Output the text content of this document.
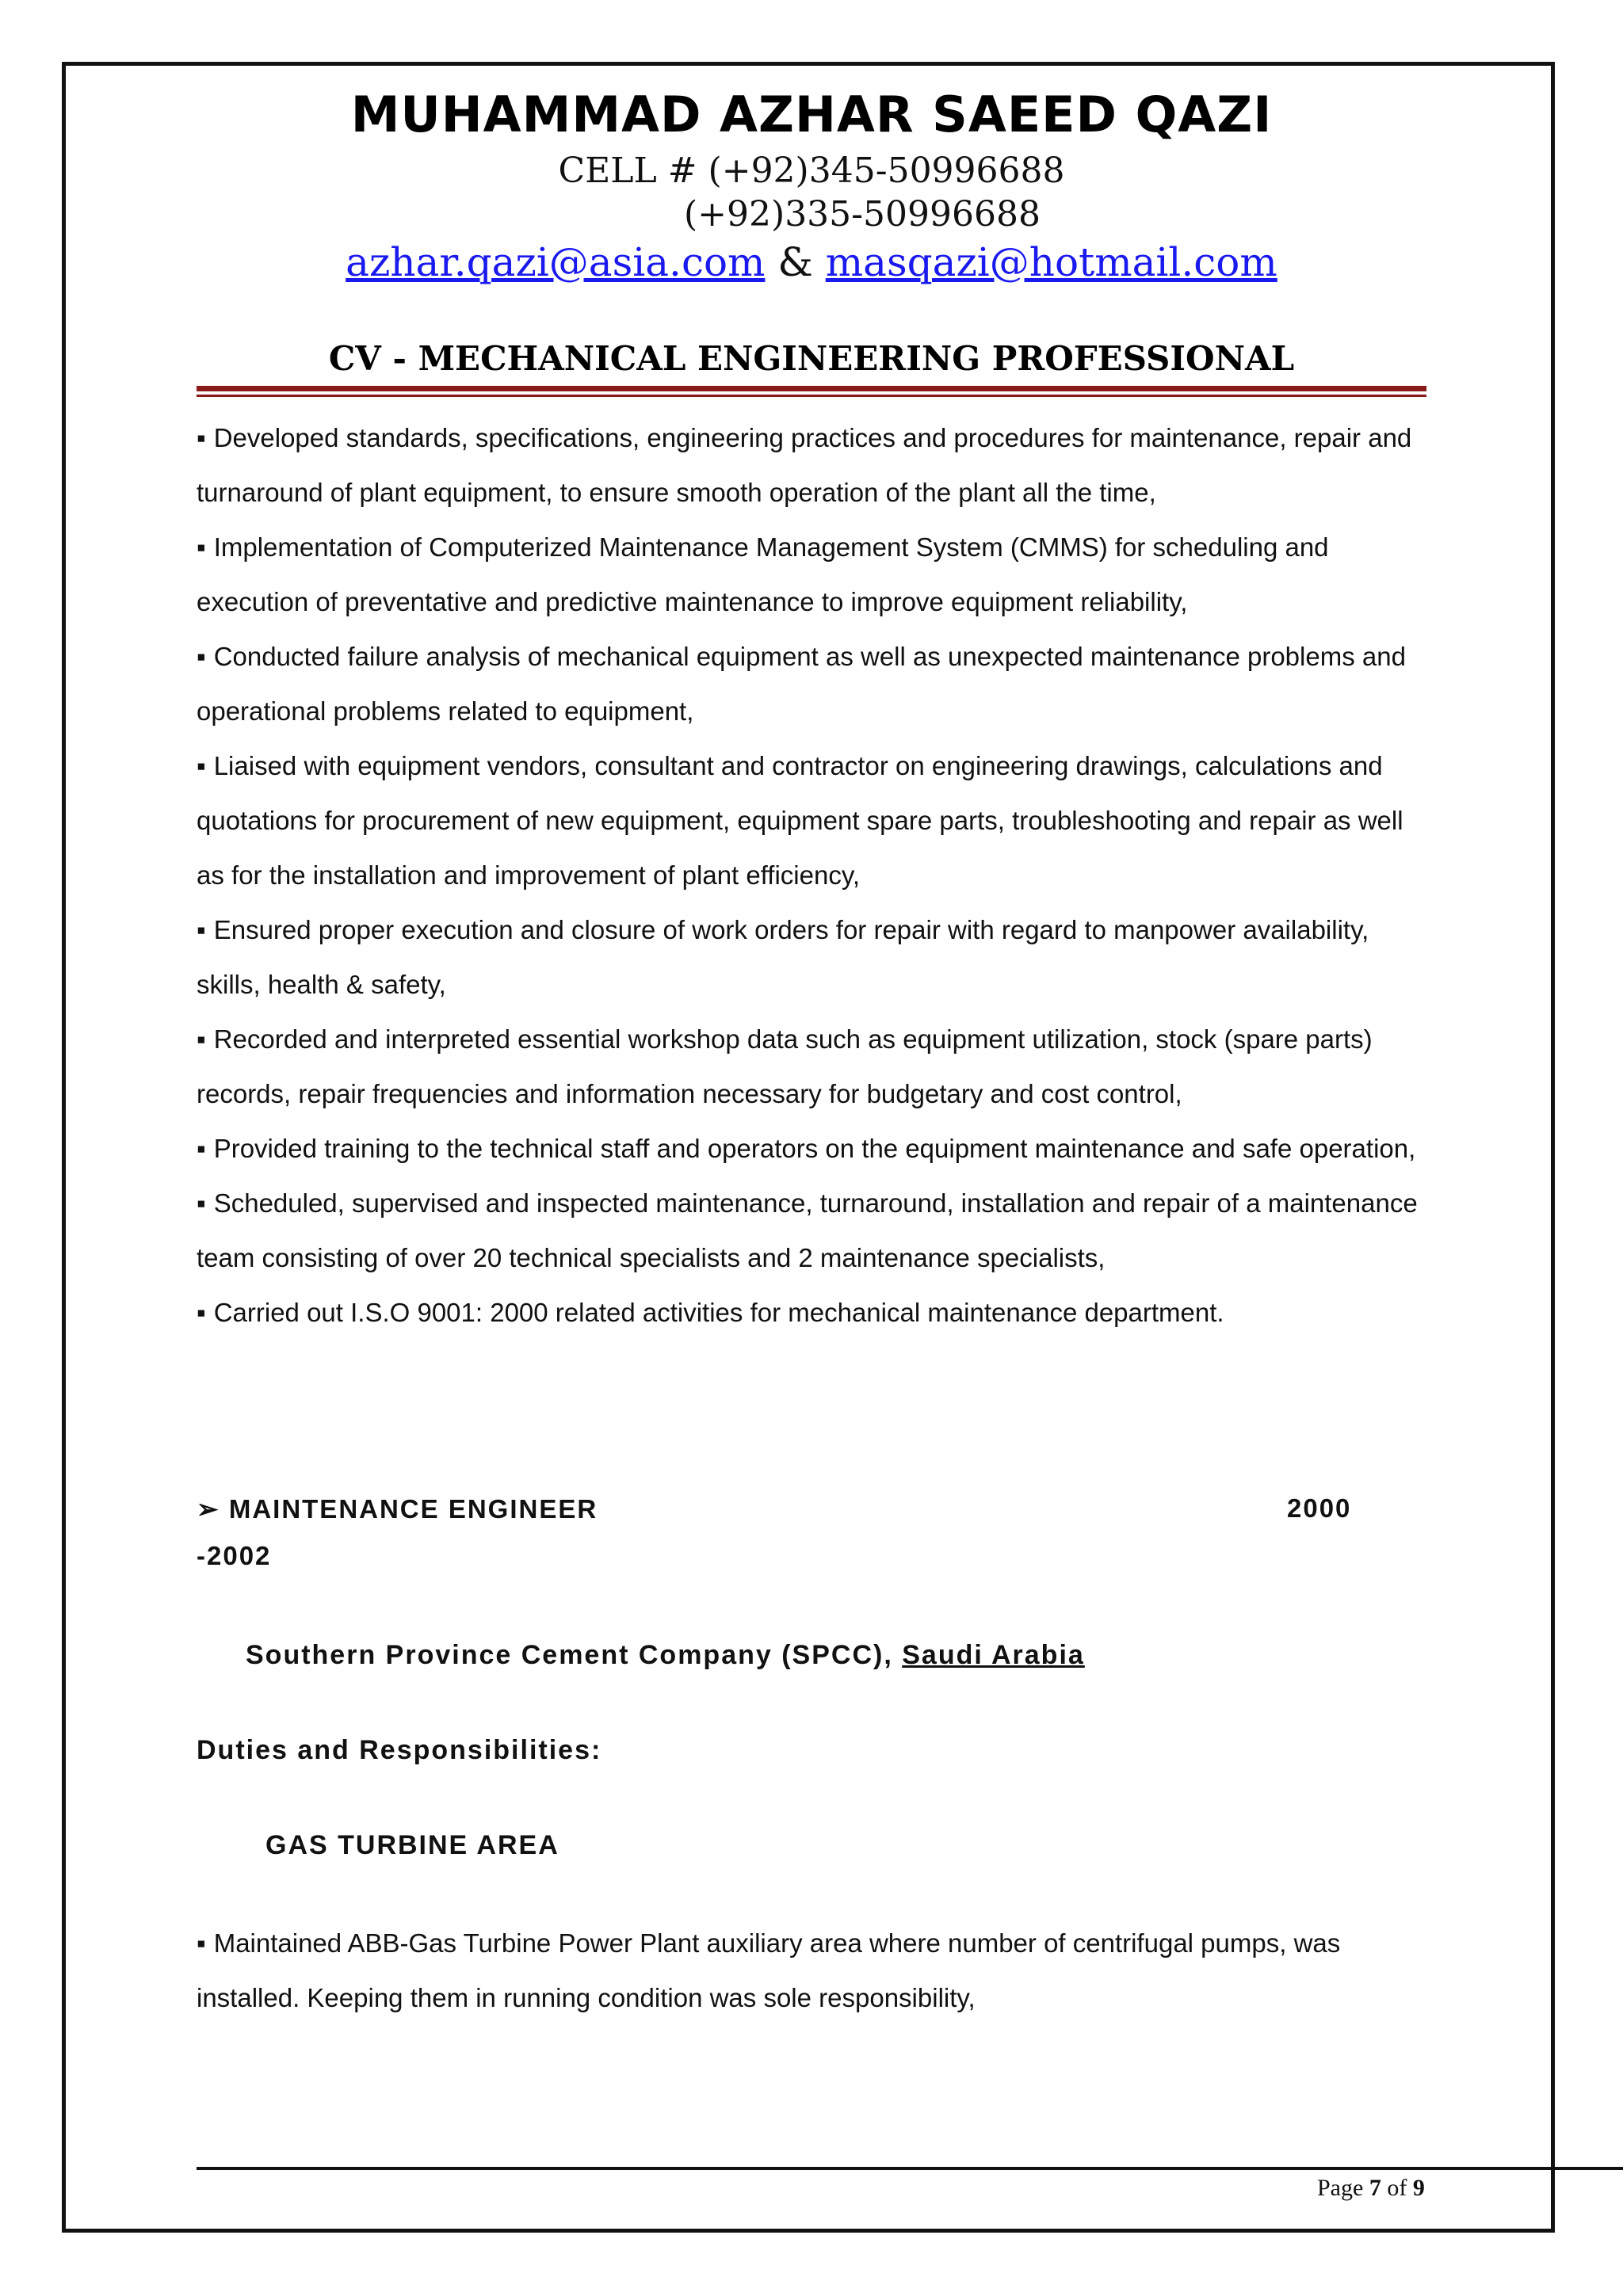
MUHAMMAD AZHAR SAEED QAZI
CELL # (+92)345-50996688
(+92)335-50996688
azhar.qazi@asia.com & masqazi@hotmail.com
CV - MECHANICAL ENGINEERING PROFESSIONAL

▪ Developed standards, specifications, engineering practices and procedures for maintenance, repair and turnaround of plant equipment, to ensure smooth operation of the plant all the time,

▪ Implementation of Computerized Maintenance Management System (CMMS) for scheduling and execution of preventative and predictive maintenance to improve equipment reliability,

▪ Conducted failure analysis of mechanical equipment as well as unexpected maintenance problems and operational problems related to equipment,

▪ Liaised with equipment vendors, consultant and contractor on engineering drawings, calculations and quotations for procurement of new equipment, equipment spare parts, troubleshooting and repair as well as for the installation and improvement of plant efficiency,

▪ Ensured proper execution and closure of work orders for repair with regard to manpower availability, skills, health & safety,

▪ Recorded and interpreted essential workshop data such as equipment utilization, stock (spare parts) records, repair frequencies and information necessary for budgetary and cost control,

▪ Provided training to the technical staff and operators on the equipment maintenance and safe operation,

▪ Scheduled, supervised and inspected maintenance, turnaround, installation and repair of a maintenance team consisting of over 20 technical specialists and 2 maintenance specialists,

▪ Carried out I.S.O 9001: 2000 related activities for mechanical maintenance department.

➢ MAINTENANCE ENGINEER	2000
-2002
Southern Province Cement Company (SPCC), Saudi Arabia
Duties and Responsibilities:
GAS TURBINE AREA

▪ Maintained ABB-Gas Turbine Power Plant auxiliary area where number of centrifugal pumps, was installed. Keeping them in running condition was sole responsibility,

Page 7 of 9
